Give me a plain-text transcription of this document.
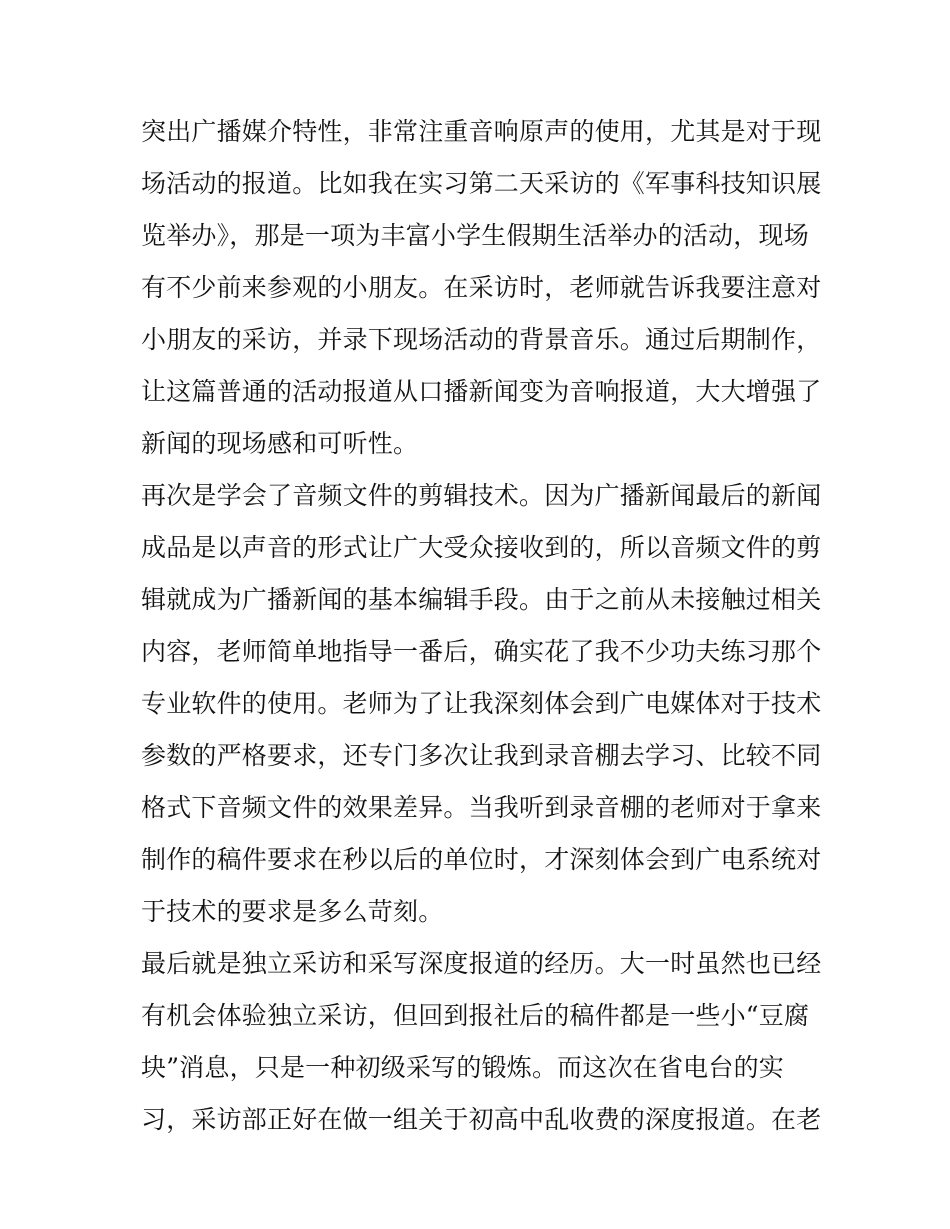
突出广播媒介特性，非常注重音响原声的使用，尤其是对于现
场活动的报道。比如我在实习第二天采访的《军事科技知识展
览举办》，那是一项为丰富小学生假期生活举办的活动，现场
有不少前来参观的小朋友。在采访时，老师就告诉我要注意对
小朋友的采访，并录下现场活动的背景音乐。通过后期制作，
让这篇普通的活动报道从口播新闻变为音响报道，大大增强了
新闻的现场感和可听性。
再次是学会了音频文件的剪辑技术。因为广播新闻最后的新闻
成品是以声音的形式让广大受众接收到的，所以音频文件的剪
辑就成为广播新闻的基本编辑手段。由于之前从未接触过相关
内容，老师简单地指导一番后，确实花了我不少功夫练习那个
专业软件的使用。老师为了让我深刻体会到广电媒体对于技术
参数的严格要求，还专门多次让我到录音棚去学习、比较不同
格式下音频文件的效果差异。当我听到录音棚的老师对于拿来
制作的稿件要求在秒以后的单位时，才深刻体会到广电系统对
于技术的要求是多么苛刻。
最后就是独立采访和采写深度报道的经历。大一时虽然也已经
有机会体验独立采访，但回到报社后的稿件都是一些小“豆腐
块”消息，只是一种初级采写的锻炼。而这次在省电台的实
习，采访部正好在做一组关于初高中乱收费的深度报道。在老
